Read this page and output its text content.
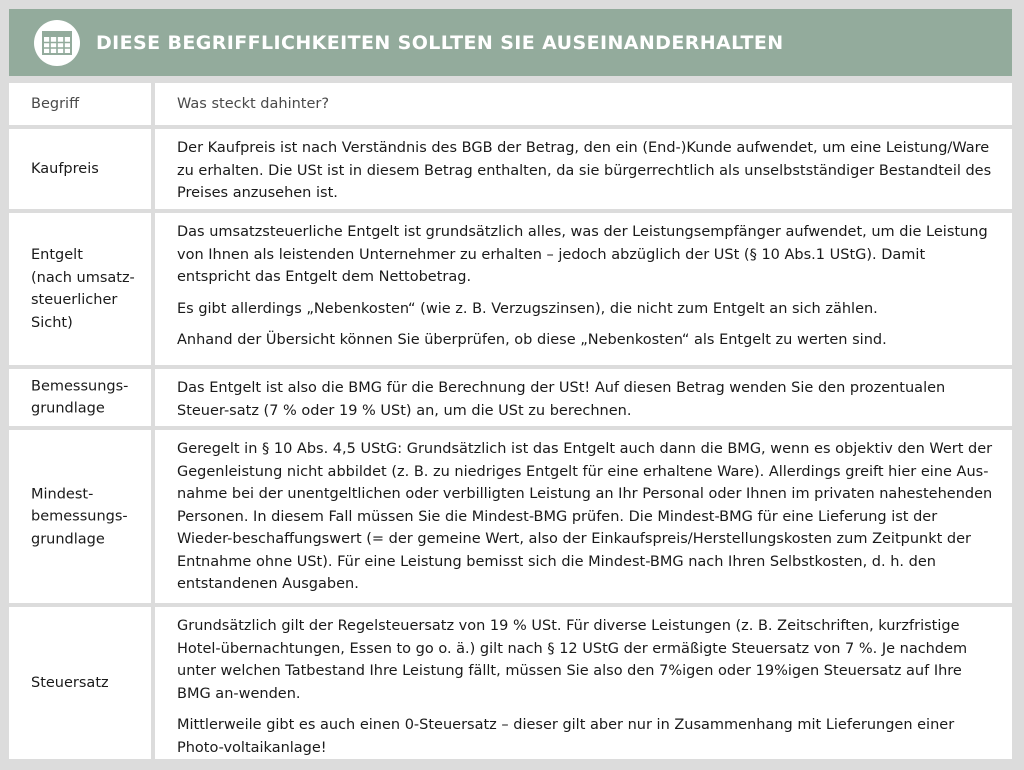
DIESE BEGRIFFLICHKEITEN SOLLTEN SIE AUSEINANDERHALTEN
Begriff	Was steckt dahinter?
Kaufpreis

Der Kaufpreis ist nach Verständnis des BGB der Betrag, den ein (End-)Kunde aufwendet, um eine Leistung/Ware zu erhalten. Die USt ist in diesem Betrag enthalten, da sie bürgerrechtlich als unselbstständiger Bestandteil des Preises anzusehen ist.

Entgelt
(nach umsatz-
steuerlicher
Sicht)

Das umsatzsteuerliche Entgelt ist grundsätzlich alles, was der Leistungsempfänger aufwendet, um die Leistung von Ihnen als leistenden Unternehmer zu erhalten – jedoch abzüglich der USt (§ 10 Abs.1 UStG). Damit entspricht das Entgelt dem Nettobetrag.

Es gibt allerdings „Nebenkosten“ (wie z. B. Verzugszinsen), die nicht zum Entgelt an sich zählen.

Anhand der Übersicht können Sie überprüfen, ob diese „Nebenkosten“ als Entgelt zu werten sind.

Bemessungs-
grundlage

Das Entgelt ist also die BMG für die Berechnung der USt! Auf diesen Betrag wenden Sie den prozentualen Steuer-satz (7 % oder 19 % USt) an, um die USt zu berechnen.

Mindest-
bemessungs-
grundlage

Geregelt in § 10 Abs. 4,5 UStG: Grundsätzlich ist das Entgelt auch dann die BMG, wenn es objektiv den Wert der Gegenleistung nicht abbildet (z. B. zu niedriges Entgelt für eine erhaltene Ware). Allerdings greift hier eine Aus-nahme bei der unentgeltlichen oder verbilligten Leistung an Ihr Personal oder Ihnen im privaten nahestehenden Personen. In diesem Fall müssen Sie die Mindest-BMG prüfen. Die Mindest-BMG für eine Lieferung ist der Wieder-beschaffungswert (= der gemeine Wert, also der Einkaufspreis/Herstellungskosten zum Zeitpunkt der Entnahme ohne USt). Für eine Leistung bemisst sich die Mindest-BMG nach Ihren Selbstkosten, d. h. den entstandenen Ausgaben.

Steuersatz

Grundsätzlich gilt der Regelsteuersatz von 19 % USt. Für diverse Leistungen (z. B. Zeitschriften, kurzfristige Hotel-übernachtungen, Essen to go o. ä.) gilt nach § 12 UStG der ermäßigte Steuersatz von 7 %. Je nachdem unter welchen Tatbestand Ihre Leistung fällt, müssen Sie also den 7%igen oder 19%igen Steuersatz auf Ihre BMG an-wenden.

Mittlerweile gibt es auch einen 0-Steuersatz – dieser gilt aber nur in Zusammenhang mit Lieferungen einer Photo-voltaikanlage!
